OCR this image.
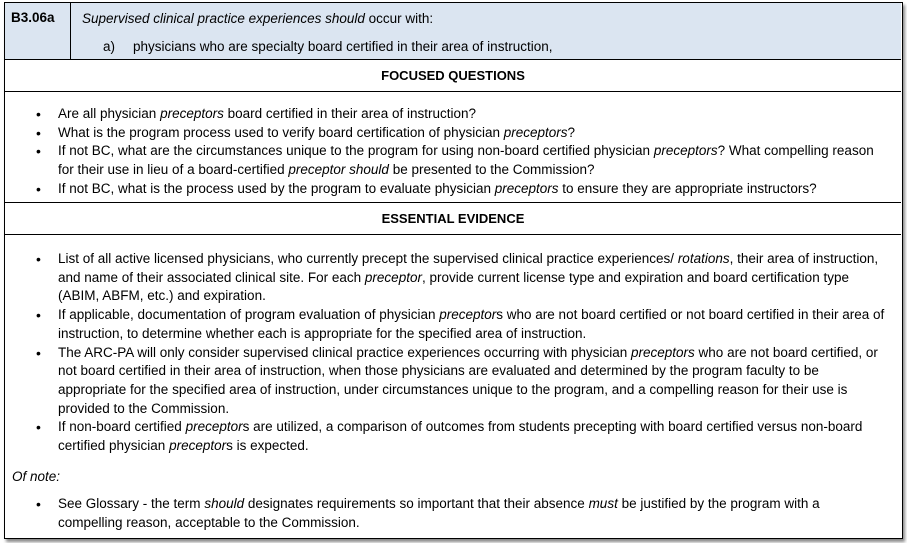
B3.06a	Supervised clinical practice experiences should occur with:
a) physicians who are specialty board certified in their area of instruction,
FOCUSED QUESTIONS
• Are all physician preceptors board certified in their area of instruction?
• What is the program process used to verify board certification of physician preceptors?
• If not BC, what are the circumstances unique to the program for using non-board certified physician preceptors? What compelling reason for their use in lieu of a board-certified preceptor should be presented to the Commission?
• If not BC, what is the process used by the program to evaluate physician preceptors to ensure they are appropriate instructors?
ESSENTIAL EVIDENCE
• List of all active licensed physicians, who currently precept the supervised clinical practice experiences/ rotations, their area of instruction, and name of their associated clinical site. For each preceptor, provide current license type and expiration and board certification type (ABIM, ABFM, etc.) and expiration.
• If applicable, documentation of program evaluation of physician preceptors who are not board certified or not board certified in their area of instruction, to determine whether each is appropriate for the specified area of instruction.
• The ARC-PA will only consider supervised clinical practice experiences occurring with physician preceptors who are not board certified, or not board certified in their area of instruction, when those physicians are evaluated and determined by the program faculty to be appropriate for the specified area of instruction, under circumstances unique to the program, and a compelling reason for their use is provided to the Commission.
• If non-board certified preceptors are utilized, a comparison of outcomes from students precepting with board certified versus non-board certified physician preceptors is expected.
Of note:
• See Glossary - the term should designates requirements so important that their absence must be justified by the program with a compelling reason, acceptable to the Commission.
